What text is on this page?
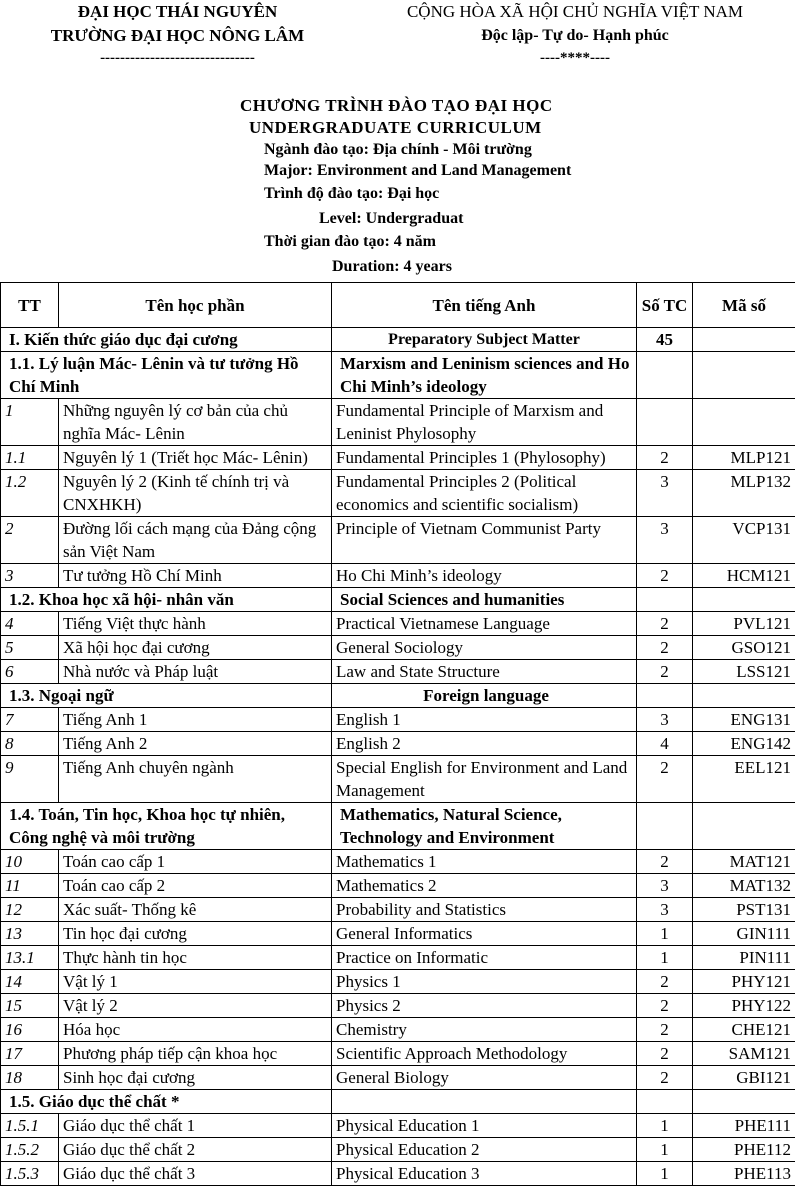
ĐẠI HỌC THÁI NGUYÊN
TRƯỜNG ĐẠI HỌC NÔNG LÂM
-------------------------------
CỘNG HÒA XÃ HỘI CHỦ NGHĨA VIỆT NAM
Độc lập- Tự do- Hạnh phúc
----****----
CHƯƠNG TRÌNH ĐÀO TẠO ĐẠI HỌC
UNDERGRADUATE CURRICULUM
Ngành đào tạo: Địa chính - Môi trường
Major: Environment and Land Management
Trình độ đào tạo: Đại học
Level: Undergraduat
Thời gian đào tạo: 4 năm
Duration: 4 years
TT	Tên học phần	Tên tiếng Anh	Số TC	Mã số
I. Kiến thức giáo dục đại cương		Preparatory Subject Matter	45	
1.1. Lý luận Mác- Lênin và tư tưởng Hồ Chí Minh		Marxism and Leninism sciences and Ho Chi Minh’s ideology		
1	Những nguyên lý cơ bản của chủ nghĩa Mác- Lênin	Fundamental Principle of Marxism and Leninist Phylosophy		
1.1	Nguyên lý 1 (Triết học Mác- Lênin)	Fundamental Principles 1 (Phylosophy)	2	MLP121
1.2	Nguyên lý 2 (Kinh tế chính trị và CNXHKH)	Fundamental Principles 2 (Political economics and scientific socialism)	3	MLP132
2	Đường lối cách mạng của Đảng cộng sản Việt Nam	Principle of Vietnam Communist Party	3	VCP131
3	Tư tưởng Hồ Chí Minh	Ho Chi Minh’s ideology	2	HCM121
1.2. Khoa học xã hội- nhân văn		Social Sciences and humanities		
4	Tiếng Việt thực hành	Practical Vietnamese Language	2	PVL121
5	Xã hội học đại cương	General Sociology	2	GSO121
6	Nhà nước và Pháp luật	Law and State Structure	2	LSS121
1.3. Ngoại ngữ		Foreign language		
7	Tiếng Anh 1	English 1	3	ENG131
8	Tiếng Anh 2	English 2	4	ENG142
9	Tiếng Anh chuyên ngành	Special English for Environment and Land Management	2	EEL121
1.4. Toán, Tin học, Khoa học tự nhiên, Công nghệ và môi trường		Mathematics, Natural Science, Technology and Environment		
10	Toán cao cấp 1	Mathematics 1	2	MAT121
11	Toán cao cấp 2	Mathematics 2	3	MAT132
12	Xác suất- Thống kê	Probability and Statistics	3	PST131
13	Tin học đại cương	General Informatics	1	GIN111
13.1	Thực hành tin học	Practice on Informatic	1	PIN111
14	Vật lý 1	Physics 1	2	PHY121
15	Vật lý 2	Physics 2	2	PHY122
16	Hóa học	Chemistry	2	CHE121
17	Phương pháp tiếp cận khoa học	Scientific Approach Methodology	2	SAM121
18	Sinh học đại cương	General Biology	2	GBI121
1.5. Giáo dục thể chất *				
1.5.1	Giáo dục thể chất 1	Physical Education 1	1	PHE111
1.5.2	Giáo dục thể chất 2	Physical Education 2	1	PHE112
1.5.3	Giáo dục thể chất 3	Physical Education 3	1	PHE113
